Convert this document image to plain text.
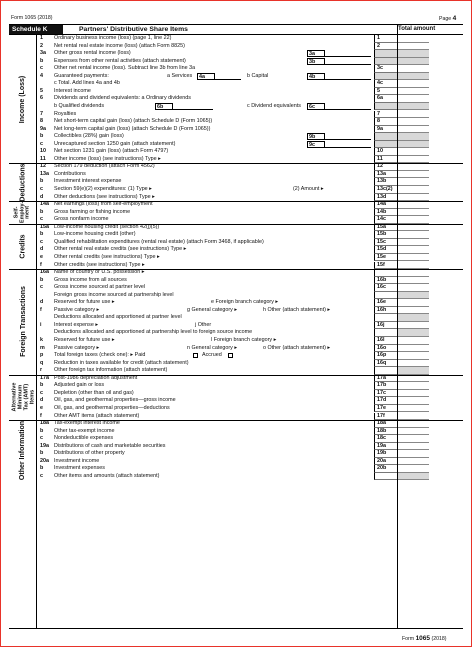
Form 1065 (2018)	Page 4
Schedule K	Partners' Distributive Share Items	Total amount
1	Ordinary business income (loss) (page 1, line 22)	1
2	Net rental real estate income (loss) (attach Form 8825)	2
3a	Other gross rental income (loss)	3a
b	Expenses from other rental activities (attach statement)	3b
c	Other net rental income (loss). Subtract line 3b from line 3a	3c
4	Guaranteed payments:	a Services	4a	b Capital	4b
c Total. Add lines 4a and 4b	4c
5	Interest income	5
6	Dividends and dividend equivalents: a Ordinary dividends	6a
b Qualified dividends	6b	c Dividend equivalents	6c
7	Royalties	7
8	Net short-term capital gain (loss) (attach Schedule D (Form 1065))	8
9a	Net long-term capital gain (loss) (attach Schedule D (Form 1065))	9a
b	Collectibles (28%) gain (loss)	9b
c	Unrecaptured section 1250 gain (attach statement)	9c
10	Net section 1231 gain (loss) (attach Form 4797)	10
11	Other income (loss) (see instructions) Type ▸	11
12	Section 179 deduction (attach Form 4562)	12
13a Contributions	13a
b	Investment interest expense	13b
c	Section 59(e)(2) expenditures: (1) Type ▸	(2) Amount ▸	13c(2)
d	Other deductions (see instructions) Type ▸	13d
14a Net earnings (loss) from self-employment	14a
b	Gross farming or fishing income	14b
c	Gross nonfarm income	14c
15a Low-income housing credit (section 42(j)(5))	15a
b	Low-income housing credit (other)	15b
c	Qualified rehabilitation expenditures (rental real estate) (attach Form 3468, if applicable)	15c
d	Other rental real estate credits (see instructions) Type ▸	15d
e	Other rental credits (see instructions) Type ▸	15e
f	Other credits (see instructions) Type ▸	15f
16a Name of country or U.S. possession ▸
b	Gross income from all sources	16b
c	Gross income sourced at partner level	16c
Foreign gross income sourced at partnership level
d	Reserved for future use ▸	e Foreign branch category ▸	16e
f	Passive category ▸	g General category ▸	h Other (attach statement) ▸	16h
Deductions allocated and apportioned at partner level
i	Interest expense ▸	j Other	16j
Deductions allocated and apportioned at partnership level to foreign source income
k	Reserved for future use ▸	l Foreign branch category ▸	16l
m	Passive category ▸	n General category ▸	o Other (attach statement) ▸	16o
p	Total foreign taxes (check one): ▸ Paid	Accrued	16p
q	Reduction in taxes available for credit (attach statement)	16q
r	Other foreign tax information (attach statement)
17a Post-1986 depreciation adjustment	17a
b	Adjusted gain or loss	17b
c	Depletion (other than oil and gas)	17c
d	Oil, gas, and geothermal properties—gross income	17d
e	Oil, gas, and geothermal properties—deductions	17e
f	Other AMT items (attach statement)	17f
18a Tax-exempt interest income	18a
b	Other tax-exempt income	18b
c	Nondeductible expenses	18c
19a Distributions of cash and marketable securities	19a
b	Distributions of other property	19b
20a Investment income	20a
b	Investment expenses	20b
c	Other items and amounts (attach statement)
Income (Loss)
Deductions
Self-Employ-ment
Credits
Foreign Transactions
Alternative Minimum Tax (AMT) Items
Other Information
Form 1065 (2018)
